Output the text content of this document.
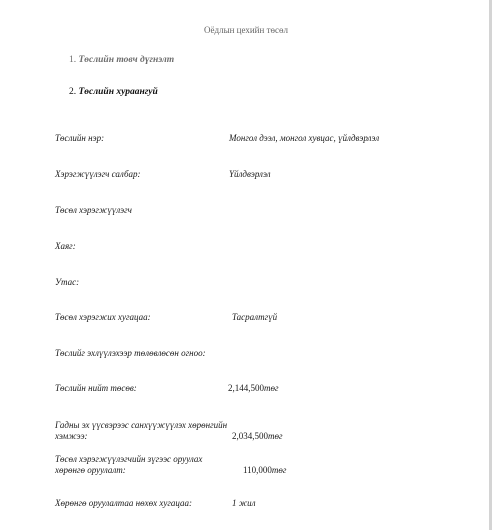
Оёдлын цехийн төсөл
1. Төслийн товч дүгнэлт
2. Төслийн хураангуй
Төслийн нэр:	Монгол дээл, монгол хувцас, үйлдвэрлэл
Хэрэгжүүлэгч салбар:	Үйлдвэрлэл
Төсөл хэрэгжүүлэгч
Хаяг:
Утас:
Төсөл хэрэгжих хугацаа:	Тасралтгүй
Төслийг эхлүүлэхээр төлөвлөсөн огноо:
Төслийн нийт төсөв:	2,144,500төг
Гадны эх үүсвэрээс санхүүжүүлэх хөрөнгийн хэмжээ:	2,034,500төг
Төсөл хэрэгжүүлэгчийн зүгээс оруулах хөрөнгө оруулалт:	110,000төг
Хөрөнгө оруулалтаа нөхөх хугацаа:	1 жил
